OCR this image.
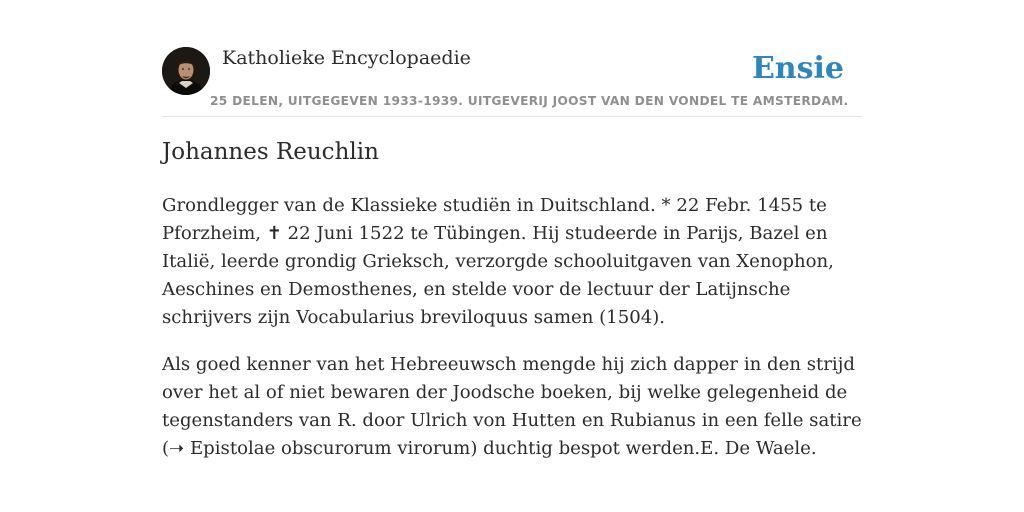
Katholieke Encyclopaedie	Ensie
25 DELEN, UITGEGEVEN 1933-1939. UITGEVERIJ JOOST VAN DEN VONDEL TE AMSTERDAM.
Johannes Reuchlin

Grondlegger van de Klassieke studiën in Duitschland. * 22 Febr. 1455 te Pforzheim, ✝ 22 Juni 1522 te Tübingen. Hij studeerde in Parijs, Bazel en Italië, leerde grondig Grieksch, verzorgde schooluitgaven van Xenophon, Aeschines en Demosthenes, en stelde voor de lectuur der Latijnsche schrijvers zijn Vocabularius breviloquus samen (1504).

Als goed kenner van het Hebreeuwsch mengde hij zich dapper in den strijd over het al of niet bewaren der Joodsche boeken, bij welke gelegenheid de tegenstanders van R. door Ulrich von Hutten en Rubianus in een felle satire (➝ Epistolae obscurorum virorum) duchtig bespot werden.E. De Waele.
